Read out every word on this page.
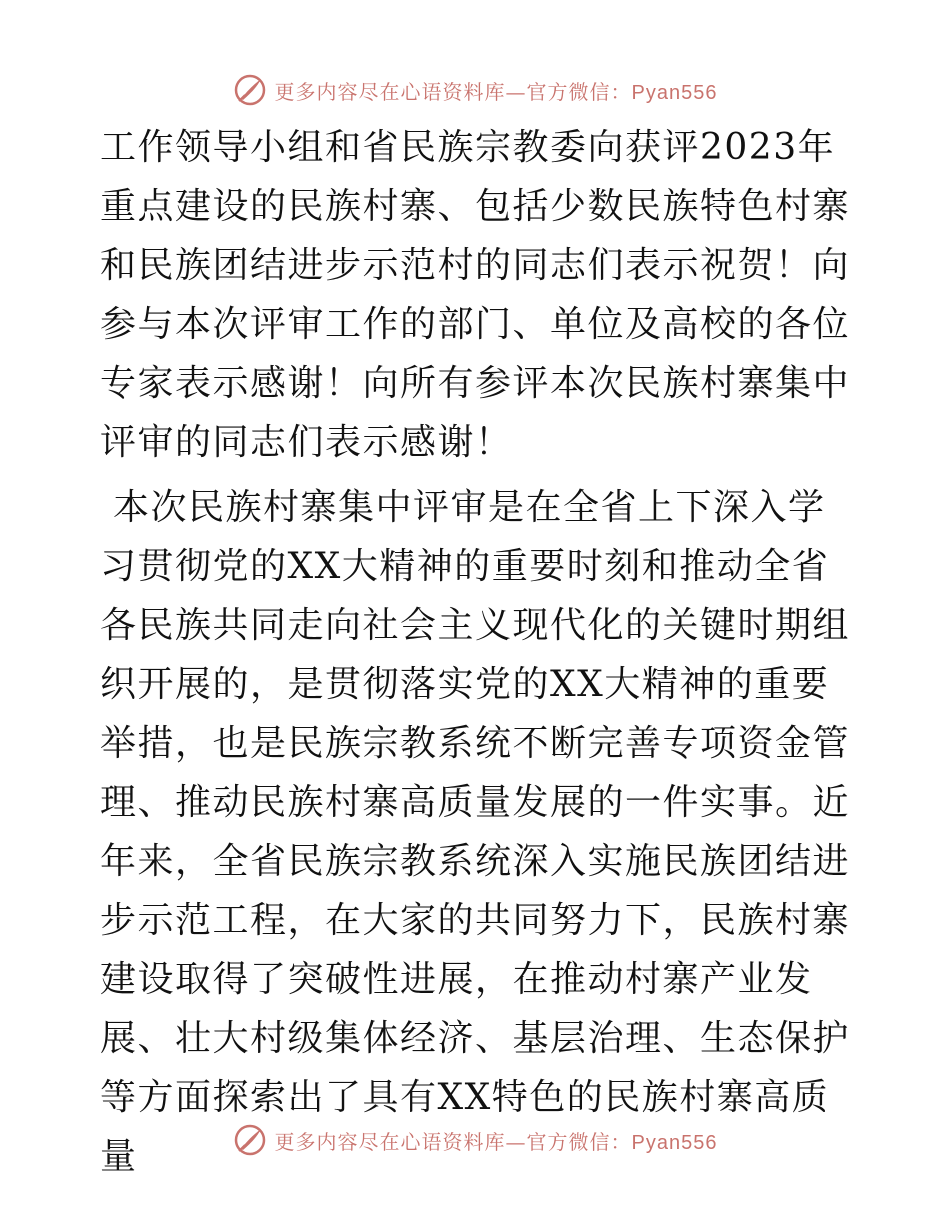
更多内容尽在心语资料库—官方微信：Pyan556

工作领导小组和省民族宗教委向获评2023年重点建设的民族村寨、包括少数民族特色村寨和民族团结进步示范村的同志们表示祝贺！向参与本次评审工作的部门、单位及高校的各位专家表示感谢！向所有参评本次民族村寨集中评审的同志们表示感谢！

本次民族村寨集中评审是在全省上下深入学习贯彻党的XX大精神的重要时刻和推动全省各民族共同走向社会主义现代化的关键时期组织开展的，是贯彻落实党的XX大精神的重要举措，也是民族宗教系统不断完善专项资金管理、推动民族村寨高质量发展的一件实事。近年来，全省民族宗教系统深入实施民族团结进步示范工程，在大家的共同努力下，民族村寨建设取得了突破性进展，在推动村寨产业发展、壮大村级集体经济、基层治理、生态保护等方面探索出了具有XX特色的民族村寨高质量	更多内容尽在心语资料库—官方微信：Pyan556
